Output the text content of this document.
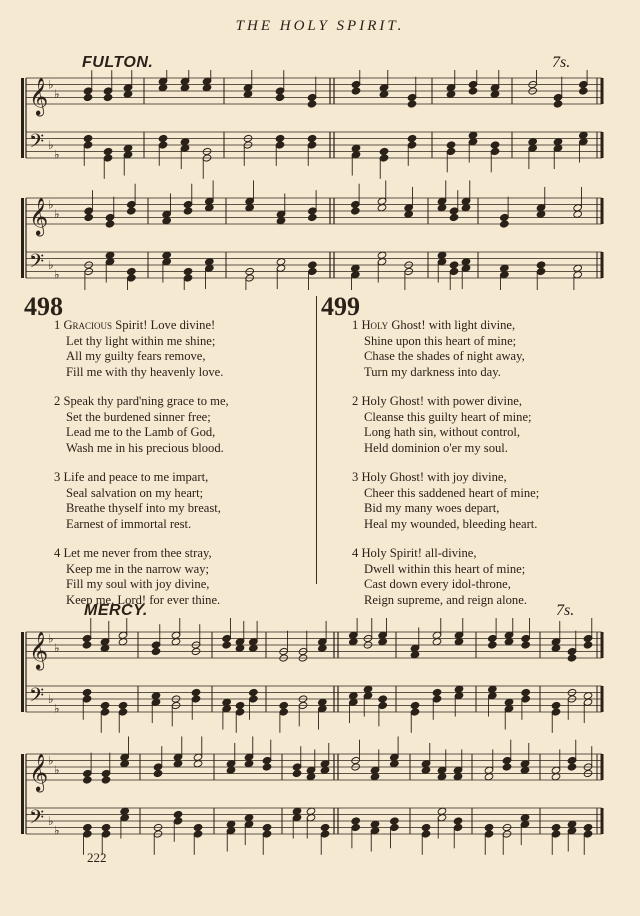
THE HOLY SPIRIT.
FULTON.	7s.
𝄞
𝄢
♭
♭
♭
♭
𝄞
𝄢
♭
♭
♭
♭
498	499
1 Gracious Spirit! Love divine!
Let thy light within me shine;
All my guilty fears remove,
Fill me with thy heavenly love.
2 Speak thy pard'ning grace to me,
Set the burdened sinner free;
Lead me to the Lamb of God,
Wash me in his precious blood.
3 Life and peace to me impart,
Seal salvation on my heart;
Breathe thyself into my breast,
Earnest of immortal rest.
4 Let me never from thee stray,
Keep me in the narrow way;
Fill my soul with joy divine,
Keep me, Lord! for ever thine.
1 Holy Ghost! with light divine,
Shine upon this heart of mine;
Chase the shades of night away,
Turn my darkness into day.
2 Holy Ghost! with power divine,
Cleanse this guilty heart of mine;
Long hath sin, without control,
Held dominion o'er my soul.
3 Holy Ghost! with joy divine,
Cheer this saddened heart of mine;
Bid my many woes depart,
Heal my wounded, bleeding heart.
4 Holy Spirit! all-divine,
Dwell within this heart of mine;
Cast down every idol-throne,
Reign supreme, and reign alone.
MERCY.	7s.
𝄞
𝄢
♭
♭
♭
♭
𝄞
𝄢
♭
♭
♭
♭
222
